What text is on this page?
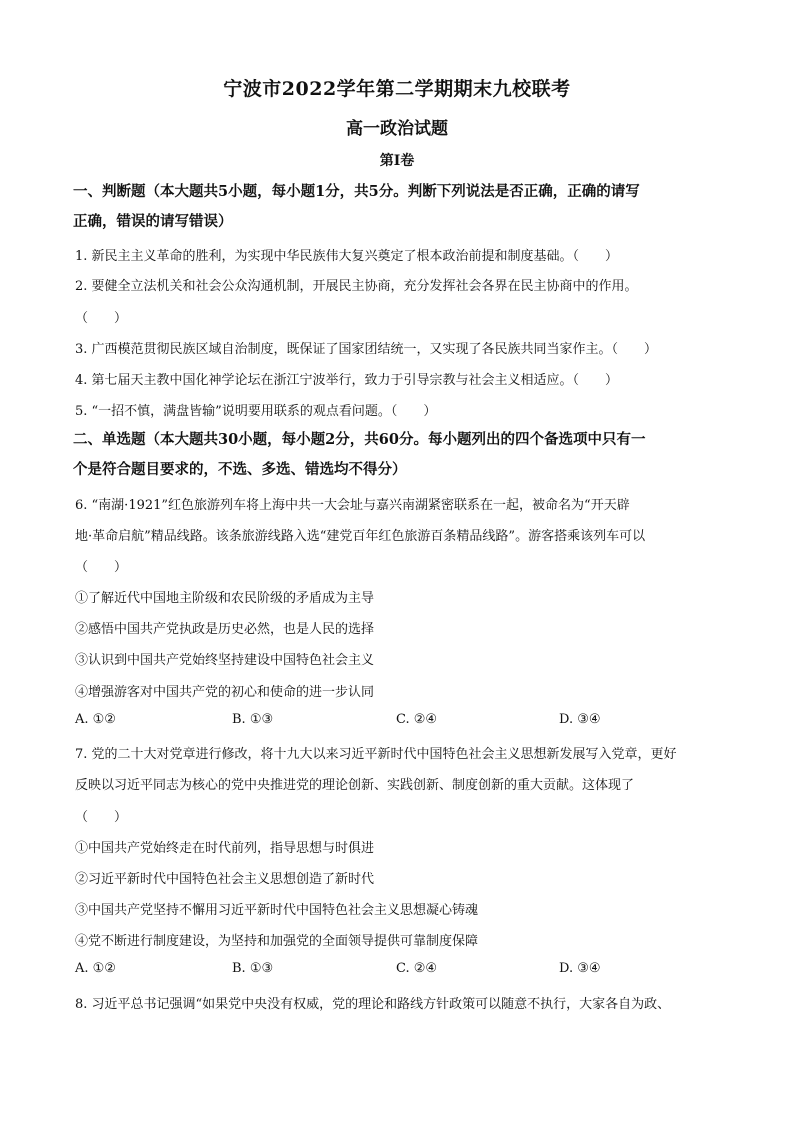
宁波市2022学年第二学期期末九校联考
高一政治试题
第Ⅰ卷
一、判断题（本大题共5小题，每小题1分，共5分。判断下列说法是否正确，正确的请写
正确，错误的请写错误）
1. 新民主主义革命的胜利，为实现中华民族伟大复兴奠定了根本政治前提和制度基础。（　　）
2. 要健全立法机关和社会公众沟通机制，开展民主协商，充分发挥社会各界在民主协商中的作用。
（　　）
3. 广西模范贯彻民族区域自治制度，既保证了国家团结统一，又实现了各民族共同当家作主。（　　）
4. 第七届天主教中国化神学论坛在浙江宁波举行，致力于引导宗教与社会主义相适应。（　　）
5. “一招不慎，满盘皆输”说明要用联系的观点看问题。（　　）
二、单选题（本大题共30小题，每小题2分，共60分。每小题列出的四个备选项中只有一
个是符合题目要求的，不选、多选、错选均不得分）
6. “南湖·1921”红色旅游列车将上海中共一大会址与嘉兴南湖紧密联系在一起，被命名为“开天辟
地·革命启航”精品线路。该条旅游线路入选“建党百年红色旅游百条精品线路”。游客搭乘该列车可以
（　　）
①了解近代中国地主阶级和农民阶级的矛盾成为主导
②感悟中国共产党执政是历史必然，也是人民的选择
③认识到中国共产党始终坚持建设中国特色社会主义
④增强游客对中国共产党的初心和使命的进一步认同
A. ①②	B. ①③	C. ②④	D. ③④
7. 党的二十大对党章进行修改，将十九大以来习近平新时代中国特色社会主义思想新发展写入党章，更好
反映以习近平同志为核心的党中央推进党的理论创新、实践创新、制度创新的重大贡献。这体现了
（　　）
①中国共产党始终走在时代前列，指导思想与时俱进
②习近平新时代中国特色社会主义思想创造了新时代
③中国共产党坚持不懈用习近平新时代中国特色社会主义思想凝心铸魂
④党不断进行制度建设，为坚持和加强党的全面领导提供可靠制度保障
A. ①②	B. ①③	C. ②④	D. ③④
8. 习近平总书记强调“如果党中央没有权威，党的理论和路线方针政策可以随意不执行，大家各自为政、
